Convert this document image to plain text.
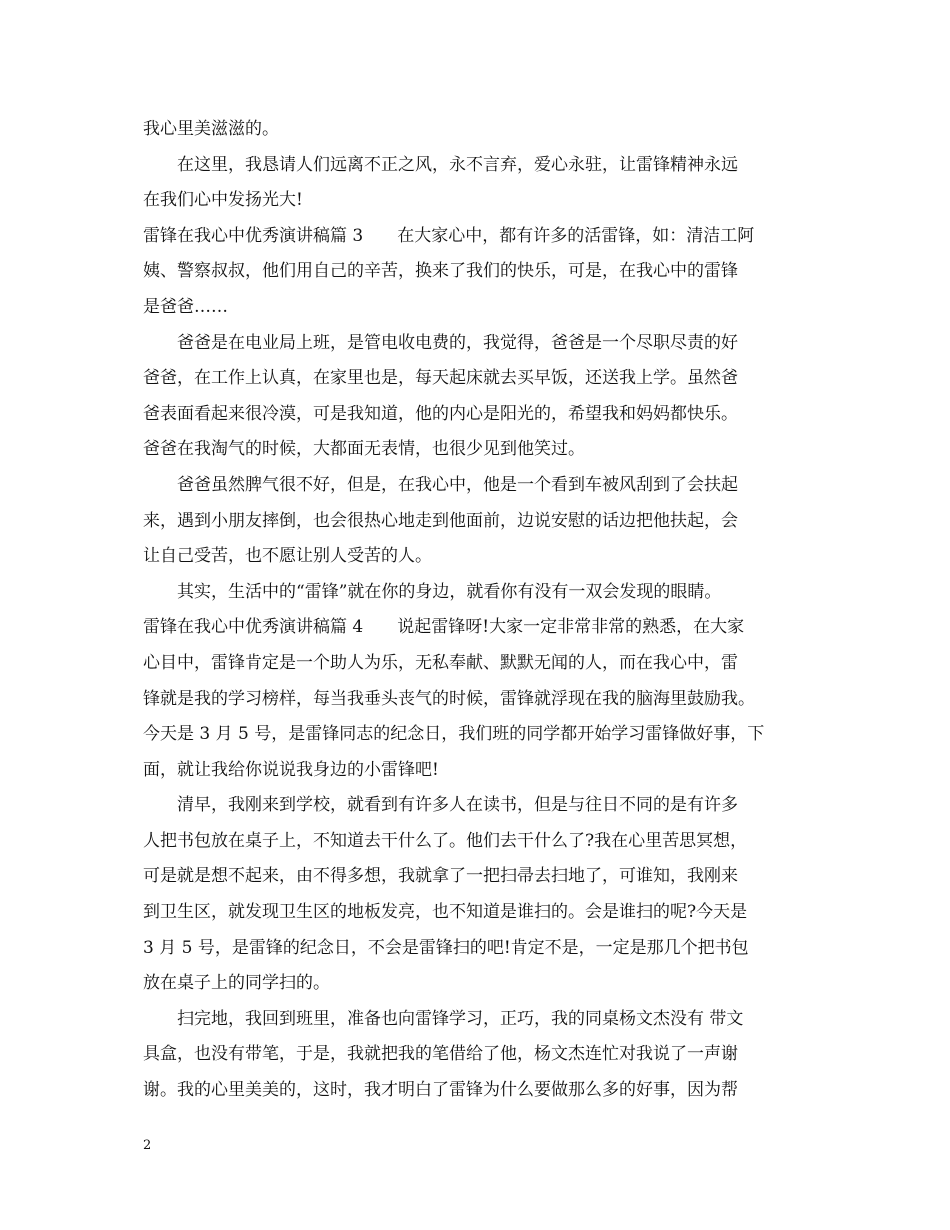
我心里美滋滋的。
在这里，我恳请人们远离不正之风，永不言弃，爱心永驻，让雷锋精神永远
在我们心中发扬光大!
雷锋在我心中优秀演讲稿篇 3 在大家心中，都有许多的活雷锋，如：清洁工阿
姨、警察叔叔，他们用自己的辛苦，换来了我们的快乐，可是，在我心中的雷锋
是爸爸……
爸爸是在电业局上班，是管电收电费的，我觉得，爸爸是一个尽职尽责的好
爸爸，在工作上认真，在家里也是，每天起床就去买早饭，还送我上学。虽然爸
爸表面看起来很冷漠，可是我知道，他的内心是阳光的，希望我和妈妈都快乐。
爸爸在我淘气的时候，大都面无表情，也很少见到他笑过。
爸爸虽然脾气很不好，但是，在我心中，他是一个看到车被风刮到了会扶起
来，遇到小朋友摔倒，也会很热心地走到他面前，边说安慰的话边把他扶起，会
让自己受苦，也不愿让别人受苦的人。
其实，生活中的“雷锋”就在你的身边，就看你有没有一双会发现的眼睛。
雷锋在我心中优秀演讲稿篇 4 说起雷锋呀!大家一定非常非常的熟悉，在大家
心目中，雷锋肯定是一个助人为乐，无私奉献、默默无闻的人，而在我心中，雷
锋就是我的学习榜样，每当我垂头丧气的时候，雷锋就浮现在我的脑海里鼓励我。
今天是 3 月 5 号，是雷锋同志的纪念日，我们班的同学都开始学习雷锋做好事，下
面，就让我给你说说我身边的小雷锋吧!
清早，我刚来到学校，就看到有许多人在读书，但是与往日不同的是有许多
人把书包放在桌子上，不知道去干什么了。他们去干什么了?我在心里苦思冥想，
可是就是想不起来，由不得多想，我就拿了一把扫帚去扫地了，可谁知，我刚来
到卫生区，就发现卫生区的地板发亮，也不知道是谁扫的。会是谁扫的呢?今天是
3 月 5 号，是雷锋的纪念日，不会是雷锋扫的吧!肯定不是，一定是那几个把书包
放在桌子上的同学扫的。
扫完地，我回到班里，准备也向雷锋学习，正巧，我的同桌杨文杰没有 带文
具盒，也没有带笔，于是，我就把我的笔借给了他，杨文杰连忙对我说了一声谢
谢。我的心里美美的，这时，我才明白了雷锋为什么要做那么多的好事，因为帮
2
